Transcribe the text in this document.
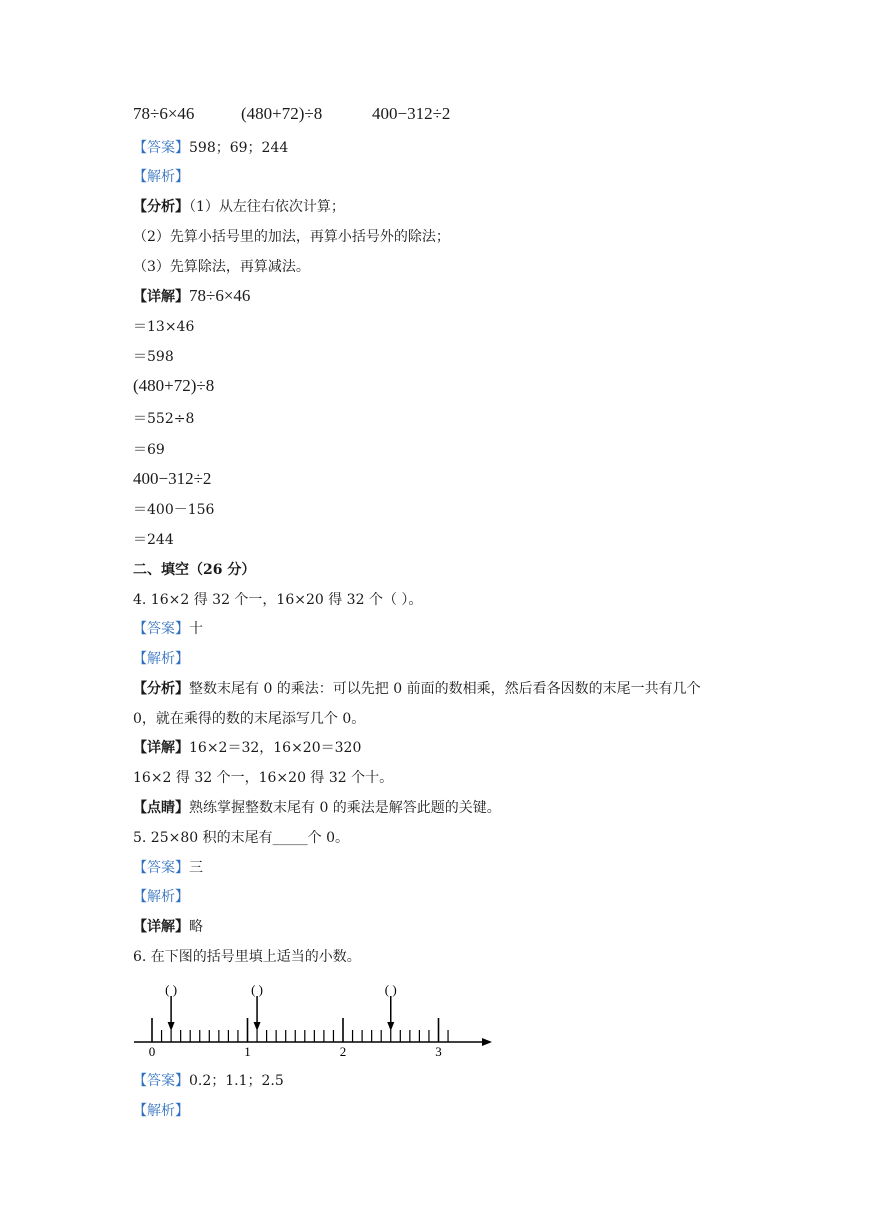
78÷6×46	(480+72)÷8	400−312÷2
【答案】598；69；244
【解析】
【分析】（1）从左往右依次计算；
（2）先算小括号里的加法，再算小括号外的除法；
（3）先算除法，再算减法。
【详解】78÷6×46
＝13×46
＝598
(480+72)÷8
＝552÷8
＝69
400−312÷2
＝400－156
＝244
二、填空（26 分）
4. 16×2 得 32 个一，16×20 得 32 个（ ）。
【答案】十
【解析】
【分析】整数末尾有 0 的乘法：可以先把 0 前面的数相乘，然后看各因数的末尾一共有几个
0，就在乘得的数的末尾添写几个 0。
【详解】16×2＝32，16×20＝320
16×2 得 32 个一，16×20 得 32 个十。
【点睛】熟练掌握整数末尾有 0 的乘法是解答此题的关键。
5. 25×80 积的末尾有_____个 0。
【答案】三
【解析】
【详解】略
6. 在下图的括号里填上适当的小数。
( )	( )	( )
0	1	2	3
【答案】0.2；1.1；2.5
【解析】
